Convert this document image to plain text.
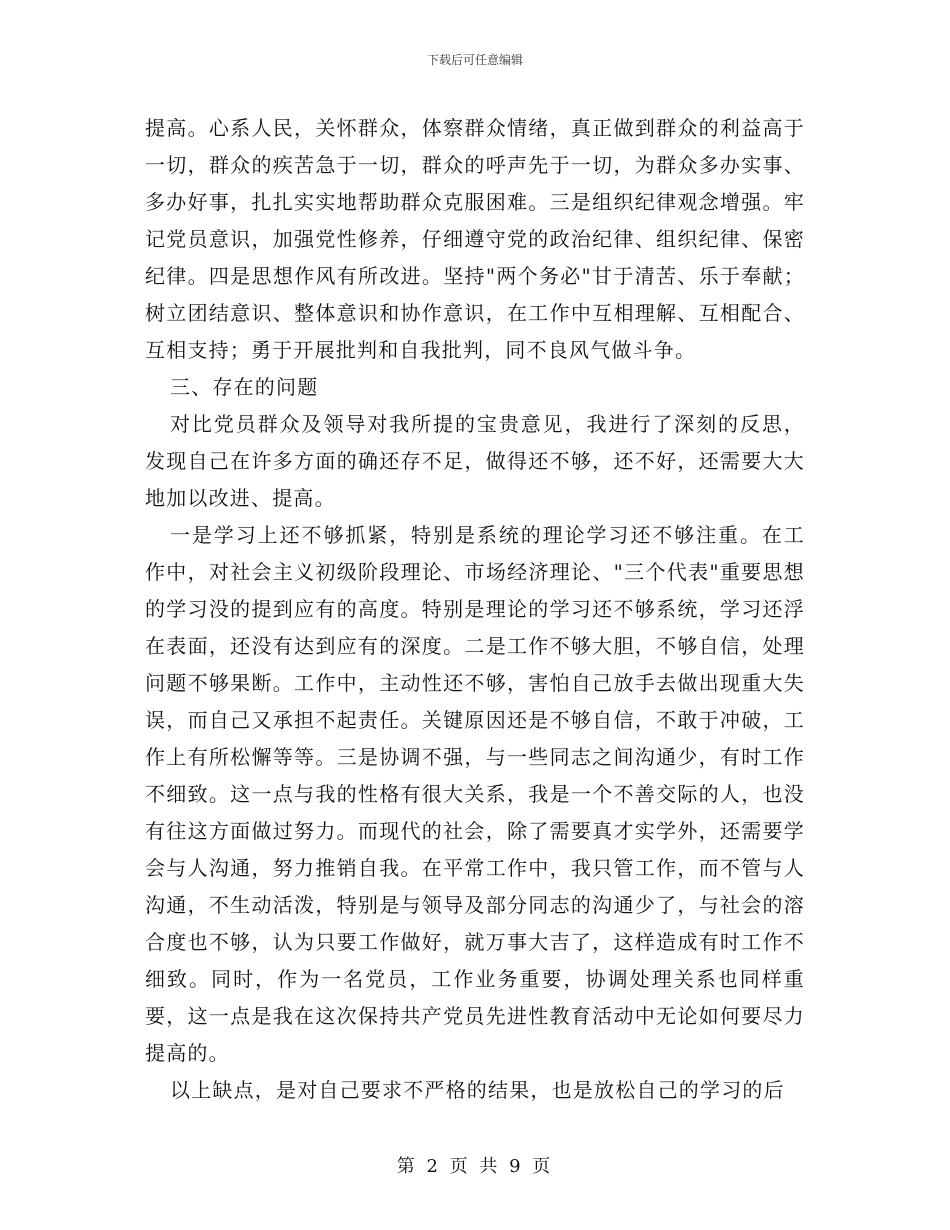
下载后可任意编辑

提高。心系人民，关怀群众，体察群众情绪，真正做到群众的利益高于一切，群众的疾苦急于一切，群众的呼声先于一切，为群众多办实事、多办好事，扎扎实实地帮助群众克服困难。三是组织纪律观念增强。牢记党员意识，加强党性修养，仔细遵守党的政治纪律、组织纪律、保密纪律。四是思想作风有所改进。坚持"两个务必"甘于清苦、乐于奉献；树立团结意识、整体意识和协作意识，在工作中互相理解、互相配合、互相支持；勇于开展批判和自我批判，同不良风气做斗争。

三、存在的问题

对比党员群众及领导对我所提的宝贵意见，我进行了深刻的反思，发现自己在许多方面的确还存不足，做得还不够，还不好，还需要大大地加以改进、提高。

一是学习上还不够抓紧，特别是系统的理论学习还不够注重。在工作中，对社会主义初级阶段理论、市场经济理论、"三个代表"重要思想的学习没的提到应有的高度。特别是理论的学习还不够系统，学习还浮在表面，还没有达到应有的深度。二是工作不够大胆，不够自信，处理问题不够果断。工作中，主动性还不够，害怕自己放手去做出现重大失误，而自己又承担不起责任。关键原因还是不够自信，不敢于冲破，工作上有所松懈等等。三是协调不强，与一些同志之间沟通少，有时工作不细致。这一点与我的性格有很大关系，我是一个不善交际的人，也没有往这方面做过努力。而现代的社会，除了需要真才实学外，还需要学会与人沟通，努力推销自我。在平常工作中，我只管工作，而不管与人沟通，不生动活泼，特别是与领导及部分同志的沟通少了，与社会的溶合度也不够，认为只要工作做好，就万事大吉了，这样造成有时工作不细致。同时，作为一名党员，工作业务重要，协调处理关系也同样重要，这一点是我在这次保持共产党员先进性教育活动中无论如何要尽力提高的。

以上缺点，是对自己要求不严格的结果，也是放松自己的学习的后

第 2 页 共 9 页
